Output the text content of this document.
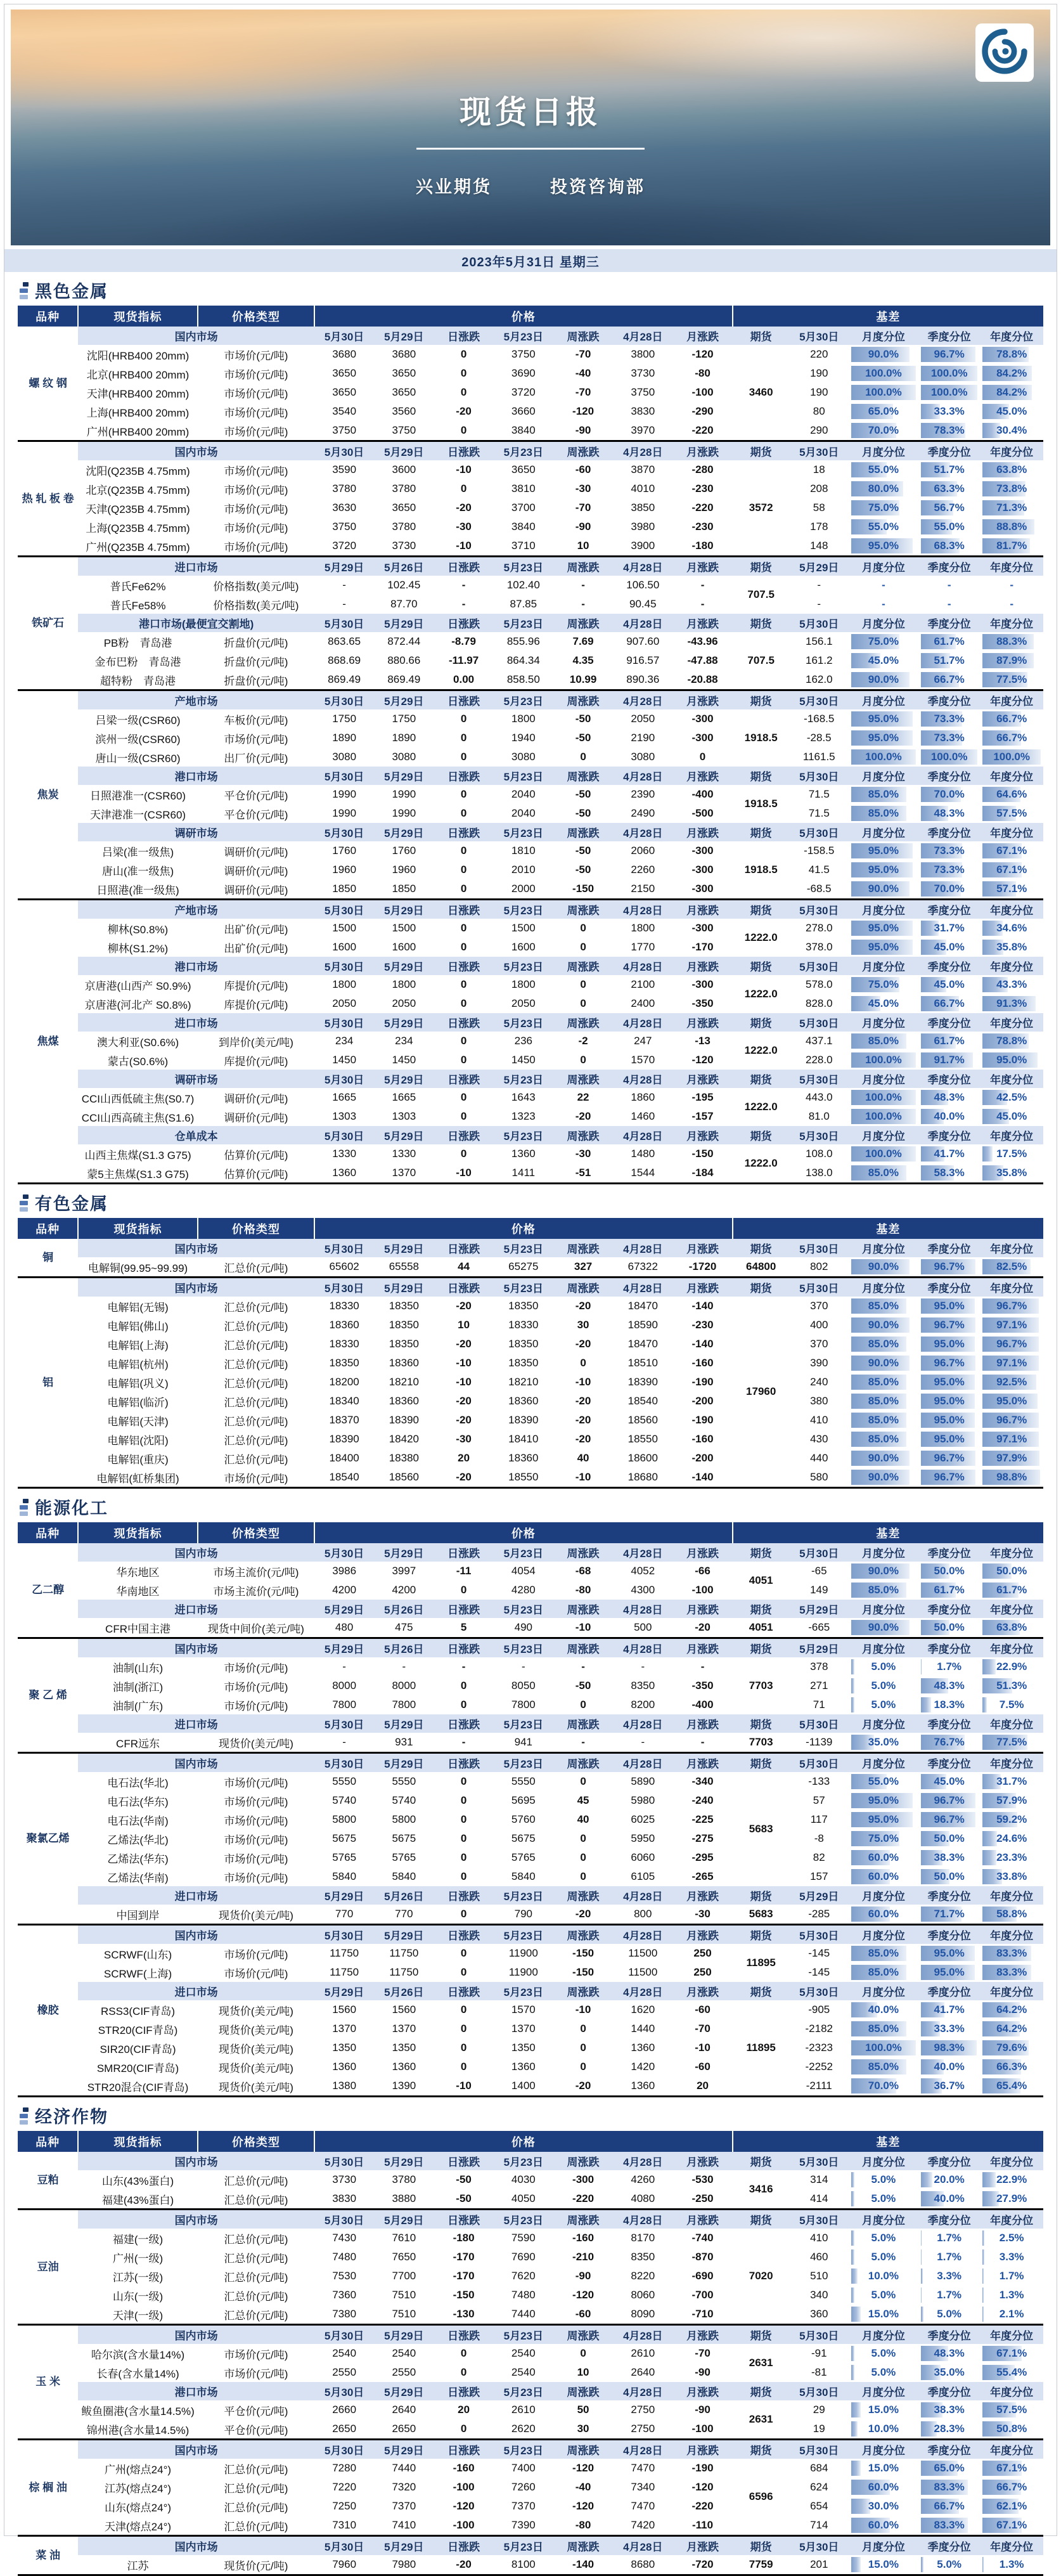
现货日报
兴业期货	投资咨询部
2023年5月31日 星期三
黑色金属
品种	现货指标	价格类型	价格							基差				
螺 纹 钢	国内市场		5月30日	5月29日	日涨跌	5月23日	周涨跌	4月28日	月涨跌	期货	5月30日	月度分位	季度分位	年度分位
	沈阳(HRB400 20mm)	市场价(元/吨)	3680	3680	0	3750	-70	3800	-120	3460	220	90.0%	96.7%	78.8%
	北京(HRB400 20mm)	市场价(元/吨)	3650	3650	0	3690	-40	3730	-80		190	100.0%	100.0%	84.2%
	天津(HRB400 20mm)	市场价(元/吨)	3650	3650	0	3720	-70	3750	-100		190	100.0%	100.0%	84.2%
	上海(HRB400 20mm)	市场价(元/吨)	3540	3560	-20	3660	-120	3830	-290		80	65.0%	33.3%	45.0%
	广州(HRB400 20mm)	市场价(元/吨)	3750	3750	0	3840	-90	3970	-220		290	70.0%	78.3%	30.4%
热 轧 板 卷	国内市场		5月30日	5月29日	日涨跌	5月23日	周涨跌	4月28日	月涨跌	期货	5月30日	月度分位	季度分位	年度分位
	沈阳(Q235B 4.75mm)	市场价(元/吨)	3590	3600	-10	3650	-60	3870	-280	3572	18	55.0%	51.7%	63.8%
	北京(Q235B 4.75mm)	市场价(元/吨)	3780	3780	0	3810	-30	4010	-230		208	80.0%	63.3%	73.8%
	天津(Q235B 4.75mm)	市场价(元/吨)	3630	3650	-20	3700	-70	3850	-220		58	75.0%	56.7%	71.3%
	上海(Q235B 4.75mm)	市场价(元/吨)	3750	3780	-30	3840	-90	3980	-230		178	55.0%	55.0%	88.8%
	广州(Q235B 4.75mm)	市场价(元/吨)	3720	3730	-10	3710	10	3900	-180		148	95.0%	68.3%	81.7%
铁矿石	进口市场		5月29日	5月26日	日涨跌	5月23日	周涨跌	4月28日	月涨跌	期货	5月29日	月度分位	季度分位	年度分位
	普氏Fe62%	价格指数(美元/吨)	-	102.45	-	102.40	-	106.50	-	707.5	-	-	-	-
	普氏Fe58%	价格指数(美元/吨)	-	87.70	-	87.85	-	90.45	-		-	-	-	-
	港口市场(最便宜交割地)		5月30日	5月29日	日涨跌	5月23日	周涨跌	4月28日	月涨跌	期货	5月30日	月度分位	季度分位	年度分位
	PB粉　青岛港	折盘价(元/吨)	863.65	872.44	-8.79	855.96	7.69	907.60	-43.96	707.5	156.1	75.0%	61.7%	88.3%
	金布巴粉　青岛港	折盘价(元/吨)	868.69	880.66	-11.97	864.34	4.35	916.57	-47.88		161.2	45.0%	51.7%	87.9%
	超特粉　青岛港	折盘价(元/吨)	869.49	869.49	0.00	858.50	10.99	890.36	-20.88		162.0	90.0%	66.7%	77.5%
焦炭	产地市场		5月30日	5月29日	日涨跌	5月23日	周涨跌	4月28日	月涨跌	期货	5月30日	月度分位	季度分位	年度分位
	吕梁一级(CSR60)	车板价(元/吨)	1750	1750	0	1800	-50	2050	-300	1918.5	-168.5	95.0%	73.3%	66.7%
	滨州一级(CSR60)	市场价(元/吨)	1890	1890	0	1940	-50	2190	-300		-28.5	95.0%	73.3%	66.7%
	唐山一级(CSR60)	出厂价(元/吨)	3080	3080	0	3080	0	3080	0		1161.5	100.0%	100.0%	100.0%
	港口市场		5月30日	5月29日	日涨跌	5月23日	周涨跌	4月28日	月涨跌	期货	5月30日	月度分位	季度分位	年度分位
	日照港准一(CSR60)	平仓价(元/吨)	1990	1990	0	2040	-50	2390	-400	1918.5	71.5	85.0%	70.0%	64.6%
	天津港准一(CSR60)	平仓价(元/吨)	1990	1990	0	2040	-50	2490	-500		71.5	85.0%	48.3%	57.5%
	调研市场		5月30日	5月29日	日涨跌	5月23日	周涨跌	4月28日	月涨跌	期货	5月30日	月度分位	季度分位	年度分位
	吕梁(准一级焦)	调研价(元/吨)	1760	1760	0	1810	-50	2060	-300	1918.5	-158.5	95.0%	73.3%	67.1%
	唐山(准一级焦)	调研价(元/吨)	1960	1960	0	2010	-50	2260	-300		41.5	95.0%	73.3%	67.1%
	日照港(准一级焦)	调研价(元/吨)	1850	1850	0	2000	-150	2150	-300		-68.5	90.0%	70.0%	57.1%
焦煤	产地市场		5月30日	5月29日	日涨跌	5月23日	周涨跌	4月28日	月涨跌	期货	5月30日	月度分位	季度分位	年度分位
	柳林(S0.8%)	出矿价(元/吨)	1500	1500	0	1500	0	1800	-300	1222.0	278.0	95.0%	31.7%	34.6%
	柳林(S1.2%)	出矿价(元/吨)	1600	1600	0	1600	0	1770	-170		378.0	95.0%	45.0%	35.8%
	港口市场		5月30日	5月29日	日涨跌	5月23日	周涨跌	4月28日	月涨跌	期货	5月30日	月度分位	季度分位	年度分位
	京唐港(山西产 S0.9%)	库提价(元/吨)	1800	1800	0	1800	0	2100	-300	1222.0	578.0	75.0%	45.0%	43.3%
	京唐港(河北产 S0.8%)	库提价(元/吨)	2050	2050	0	2050	0	2400	-350		828.0	45.0%	66.7%	91.3%
	进口市场		5月30日	5月29日	日涨跌	5月23日	周涨跌	4月28日	月涨跌	期货	5月30日	月度分位	季度分位	年度分位
	澳大利亚(S0.6%)	到岸价(美元/吨)	234	234	0	236	-2	247	-13	1222.0	437.1	85.0%	61.7%	78.8%
	蒙古(S0.6%)	库提价(元/吨)	1450	1450	0	1450	0	1570	-120		228.0	100.0%	91.7%	95.0%
	调研市场		5月30日	5月29日	日涨跌	5月23日	周涨跌	4月28日	月涨跌	期货	5月30日	月度分位	季度分位	年度分位
	CCI山西低硫主焦(S0.7)	调研价(元/吨)	1665	1665	0	1643	22	1860	-195	1222.0	443.0	100.0%	48.3%	42.5%
	CCI山西高硫主焦(S1.6)	调研价(元/吨)	1303	1303	0	1323	-20	1460	-157		81.0	100.0%	40.0%	45.0%
	仓单成本		5月30日	5月29日	日涨跌	5月23日	周涨跌	4月28日	月涨跌	期货	5月30日	月度分位	季度分位	年度分位
	山西主焦煤(S1.3 G75)	估算价(元/吨)	1330	1330	0	1360	-30	1480	-150	1222.0	108.0	100.0%	41.7%	17.5%
	蒙5主焦煤(S1.3 G75)	估算价(元/吨)	1360	1370	-10	1411	-51	1544	-184		138.0	85.0%	58.3%	35.8%
有色金属
品种	现货指标	价格类型	价格							基差				
铜	国内市场		5月30日	5月29日	日涨跌	5月23日	周涨跌	4月28日	月涨跌	期货	5月30日	月度分位	季度分位	年度分位
	电解铜(99.95~99.99)	汇总价(元/吨)	65602	65558	44	65275	327	67322	-1720	64800	802	90.0%	96.7%	82.5%
铝	国内市场		5月30日	5月29日	日涨跌	5月23日	周涨跌	4月28日	月涨跌	期货	5月30日	月度分位	季度分位	年度分位
	电解铝(无锡)	汇总价(元/吨)	18330	18350	-20	18350	-20	18470	-140	17960	370	85.0%	95.0%	96.7%
	电解铝(佛山)	汇总价(元/吨)	18360	18350	10	18330	30	18590	-230		400	90.0%	96.7%	97.1%
	电解铝(上海)	汇总价(元/吨)	18330	18350	-20	18350	-20	18470	-140		370	85.0%	95.0%	96.7%
	电解铝(杭州)	汇总价(元/吨)	18350	18360	-10	18350	0	18510	-160		390	90.0%	96.7%	97.1%
	电解铝(巩义)	汇总价(元/吨)	18200	18210	-10	18210	-10	18390	-190		240	85.0%	95.0%	92.5%
	电解铝(临沂)	汇总价(元/吨)	18340	18360	-20	18360	-20	18540	-200		380	85.0%	95.0%	95.0%
	电解铝(天津)	汇总价(元/吨)	18370	18390	-20	18390	-20	18560	-190		410	85.0%	95.0%	96.7%
	电解铝(沈阳)	汇总价(元/吨)	18390	18420	-30	18410	-20	18550	-160		430	85.0%	95.0%	97.1%
	电解铝(重庆)	汇总价(元/吨)	18400	18380	20	18360	40	18600	-200		440	90.0%	96.7%	97.9%
	电解铝(虹桥集团)	市场价(元/吨)	18540	18560	-20	18550	-10	18680	-140		580	90.0%	96.7%	98.8%
能源化工
品种	现货指标	价格类型	价格							基差				
乙二醇	国内市场		5月30日	5月29日	日涨跌	5月23日	周涨跌	4月28日	月涨跌	期货	5月30日	月度分位	季度分位	年度分位
	华东地区	市场主流价(元/吨)	3986	3997	-11	4054	-68	4052	-66	4051	-65	90.0%	50.0%	50.0%
	华南地区	市场主流价(元/吨)	4200	4200	0	4280	-80	4300	-100		149	85.0%	61.7%	61.7%
	进口市场		5月29日	5月26日	日涨跌	5月23日	周涨跌	4月28日	月涨跌	期货	5月29日	月度分位	季度分位	年度分位
	CFR中国主港	现货中间价(美元/吨)	480	475	5	490	-10	500	-20	4051	-665	90.0%	50.0%	63.8%
聚 乙 烯	国内市场		5月29日	5月26日	日涨跌	5月23日	周涨跌	4月28日	月涨跌	期货	5月29日	月度分位	季度分位	年度分位
	油制(山东)	市场价(元/吨)	-	-	-	-	-	-	-	7703	378	5.0%	1.7%	22.9%
	油制(浙江)	市场价(元/吨)	8000	8000	0	8050	-50	8350	-350		271	5.0%	48.3%	51.3%
	油制(广东)	市场价(元/吨)	7800	7800	0	7800	0	8200	-400		71	5.0%	18.3%	7.5%
	进口市场		5月30日	5月29日	日涨跌	5月23日	周涨跌	4月28日	月涨跌	期货	5月30日	月度分位	季度分位	年度分位
	CFR远东	现货价(美元/吨)	-	931	-	941	-	-	-	7703	-1139	35.0%	76.7%	77.5%
聚氯乙烯	国内市场		5月30日	5月29日	日涨跌	5月23日	周涨跌	4月28日	月涨跌	期货	5月30日	月度分位	季度分位	年度分位
	电石法(华北)	市场价(元/吨)	5550	5550	0	5550	0	5890	-340	5683	-133	55.0%	45.0%	31.7%
	电石法(华东)	市场价(元/吨)	5740	5740	0	5695	45	5980	-240		57	95.0%	96.7%	57.9%
	电石法(华南)	市场价(元/吨)	5800	5800	0	5760	40	6025	-225		117	95.0%	96.7%	59.2%
	乙烯法(华北)	市场价(元/吨)	5675	5675	0	5675	0	5950	-275		-8	75.0%	50.0%	24.6%
	乙烯法(华东)	市场价(元/吨)	5765	5765	0	5765	0	6060	-295		82	60.0%	38.3%	23.3%
	乙烯法(华南)	市场价(元/吨)	5840	5840	0	5840	0	6105	-265		157	60.0%	50.0%	33.8%
	进口市场		5月29日	5月26日	日涨跌	5月23日	周涨跌	4月28日	月涨跌	期货	5月29日	月度分位	季度分位	年度分位
	中国到岸	现货价(美元/吨)	770	770	0	790	-20	800	-30	5683	-285	60.0%	71.7%	58.8%
橡胶	国内市场		5月30日	5月29日	日涨跌	5月23日	周涨跌	4月28日	月涨跌	期货	5月30日	月度分位	季度分位	年度分位
	SCRWF(山东)	市场价(元/吨)	11750	11750	0	11900	-150	11500	250	11895	-145	85.0%	95.0%	83.3%
	SCRWF(上海)	市场价(元/吨)	11750	11750	0	11900	-150	11500	250		-145	85.0%	95.0%	83.3%
	进口市场		5月29日	5月26日	日涨跌	5月23日	周涨跌	4月28日	月涨跌	期货	5月30日	月度分位	季度分位	年度分位
	RSS3(CIF青岛)	现货价(美元/吨)	1560	1560	0	1570	-10	1620	-60	11895	-905	40.0%	41.7%	64.2%
	STR20(CIF青岛)	现货价(美元/吨)	1370	1370	0	1370	0	1440	-70		-2182	85.0%	33.3%	64.2%
	SIR20(CIF青岛)	现货价(美元/吨)	1350	1350	0	1350	0	1360	-10		-2323	100.0%	98.3%	79.6%
	SMR20(CIF青岛)	现货价(美元/吨)	1360	1360	0	1360	0	1420	-60		-2252	85.0%	40.0%	66.3%
	STR20混合(CIF青岛)	现货价(美元/吨)	1380	1390	-10	1400	-20	1360	20		-2111	70.0%	36.7%	65.4%
经济作物
品种	现货指标	价格类型	价格							基差				
豆粕	国内市场		5月30日	5月29日	日涨跌	5月23日	周涨跌	4月28日	月涨跌	期货	5月30日	月度分位	季度分位	年度分位
	山东(43%蛋白)	汇总价(元/吨)	3730	3780	-50	4030	-300	4260	-530	3416	314	5.0%	20.0%	22.9%
	福建(43%蛋白)	汇总价(元/吨)	3830	3880	-50	4050	-220	4080	-250		414	5.0%	40.0%	27.9%
豆油	国内市场		5月30日	5月29日	日涨跌	5月23日	周涨跌	4月28日	月涨跌	期货	5月30日	月度分位	季度分位	年度分位
	福建(一级)	汇总价(元/吨)	7430	7610	-180	7590	-160	8170	-740	7020	410	5.0%	1.7%	2.5%
	广州(一级)	汇总价(元/吨)	7480	7650	-170	7690	-210	8350	-870		460	5.0%	1.7%	3.3%
	江苏(一级)	汇总价(元/吨)	7530	7700	-170	7620	-90	8220	-690		510	10.0%	3.3%	1.7%
	山东(一级)	汇总价(元/吨)	7360	7510	-150	7480	-120	8060	-700		340	5.0%	1.7%	1.3%
	天津(一级)	汇总价(元/吨)	7380	7510	-130	7440	-60	8090	-710		360	15.0%	5.0%	2.1%
玉 米	国内市场		5月30日	5月29日	日涨跌	5月23日	周涨跌	4月28日	月涨跌	期货	5月30日	月度分位	季度分位	年度分位
	哈尔滨(含水量14%)	市场价(元/吨)	2540	2540	0	2540	0	2610	-70	2631	-91	5.0%	48.3%	67.1%
	长春(含水量14%)	市场价(元/吨)	2550	2550	0	2540	10	2640	-90		-81	5.0%	35.0%	55.4%
	港口市场		5月30日	5月29日	日涨跌	5月23日	周涨跌	4月28日	月涨跌	期货	5月30日	月度分位	季度分位	年度分位
	鲅鱼圈港(含水量14.5%)	平仓价(元/吨)	2660	2640	20	2610	50	2750	-90	2631	29	15.0%	38.3%	57.5%
	锦州港(含水量14.5%)	平仓价(元/吨)	2650	2650	0	2620	30	2750	-100		19	10.0%	28.3%	50.8%
棕 榈 油	国内市场		5月30日	5月29日	日涨跌	5月23日	周涨跌	4月28日	月涨跌	期货	5月30日	月度分位	季度分位	年度分位
	广州(熔点24°)	汇总价(元/吨)	7280	7440	-160	7400	-120	7470	-190	6596	684	15.0%	65.0%	67.1%
	江苏(熔点24°)	汇总价(元/吨)	7220	7320	-100	7260	-40	7340	-120		624	60.0%	83.3%	66.7%
	山东(熔点24°)	汇总价(元/吨)	7250	7370	-120	7370	-120	7470	-220		654	30.0%	66.7%	62.1%
	天津(熔点24°)	汇总价(元/吨)	7310	7410	-100	7390	-80	7420	-110		714	60.0%	83.3%	67.1%
菜 油	国内市场		5月30日	5月29日	日涨跌	5月23日	周涨跌	4月28日	月涨跌	期货	5月30日	月度分位	季度分位	年度分位
	江苏	现货价(元/吨)	7960	7980	-20	8100	-140	8680	-720	7759	201	15.0%	5.0%	1.3%
